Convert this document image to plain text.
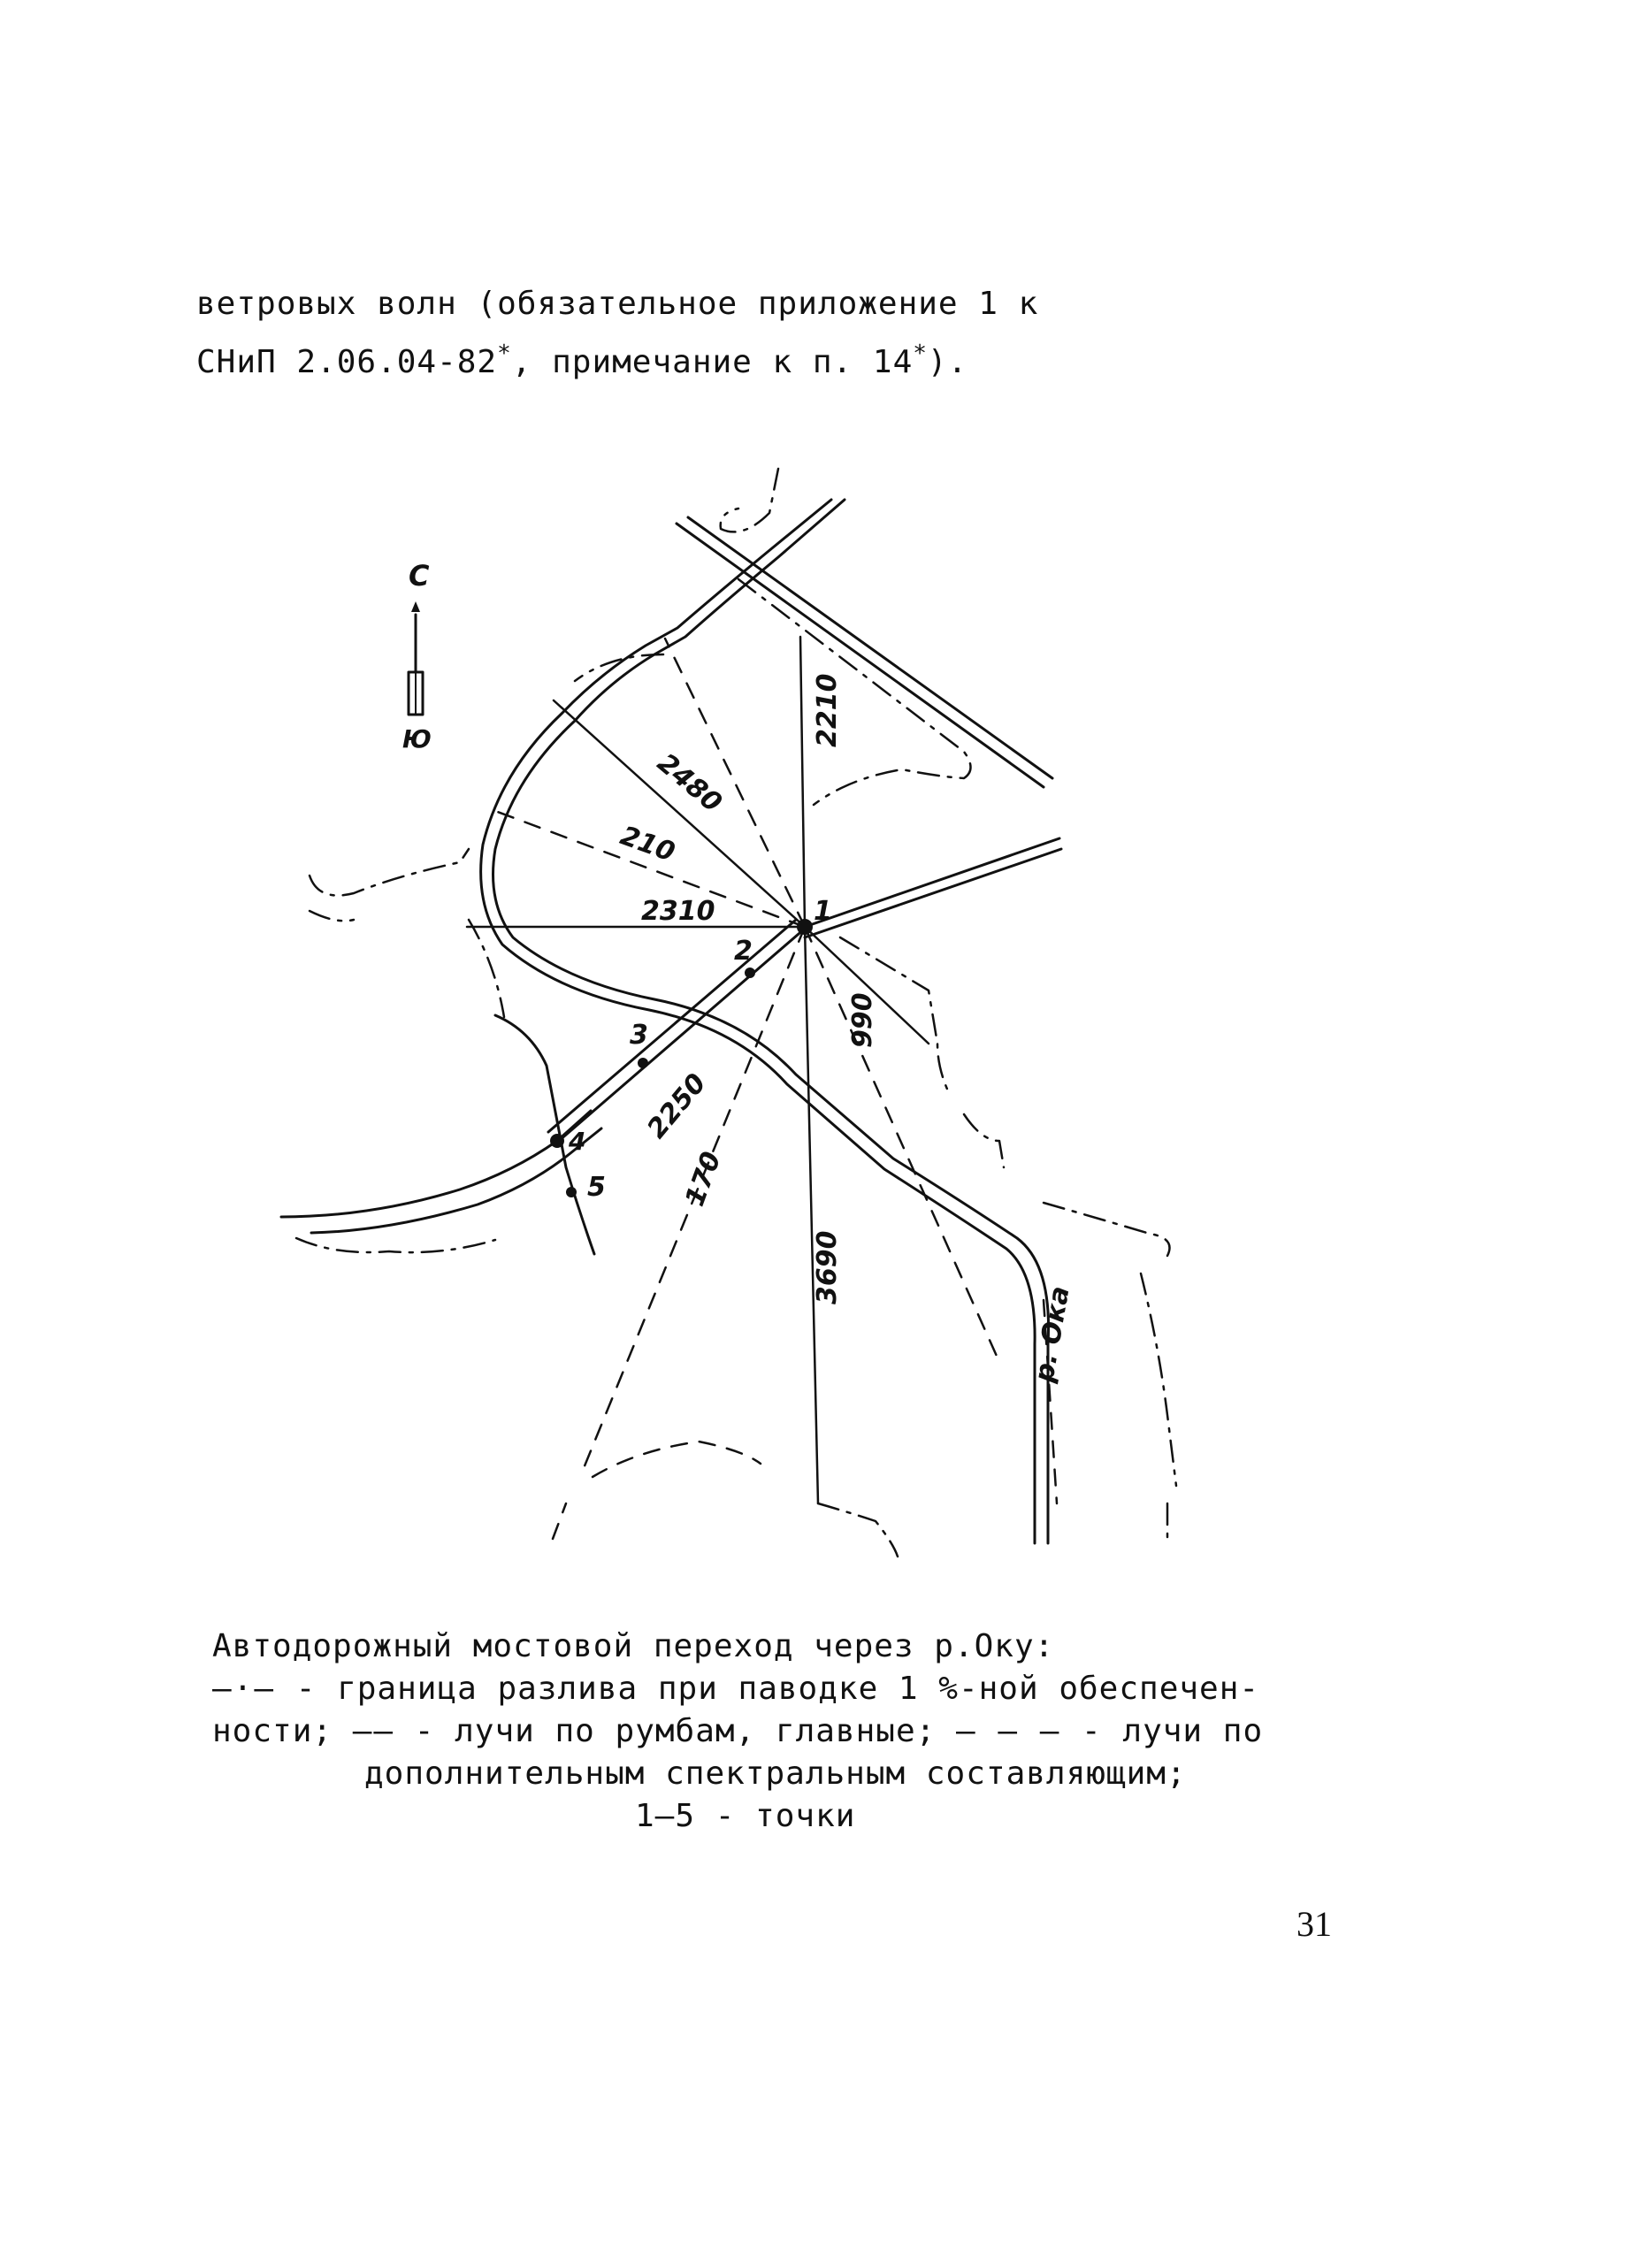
ветровых волн (обязательное приложение 1 к
СНиП 2.06.04-82*, примечание к п. 14*).
С
Ю	2210
2480
210
2310
2250
990
170
3690
1
2
3
4
5
р. Ока
Автодорожный мостовой переход через р.Оку:
—·— - граница разлива при паводке 1 %-ной обеспечен-
ности; —— - лучи по румбам, главные; – – – - лучи по
дополнительным спектральным составляющим;
1–5 - точки
31
